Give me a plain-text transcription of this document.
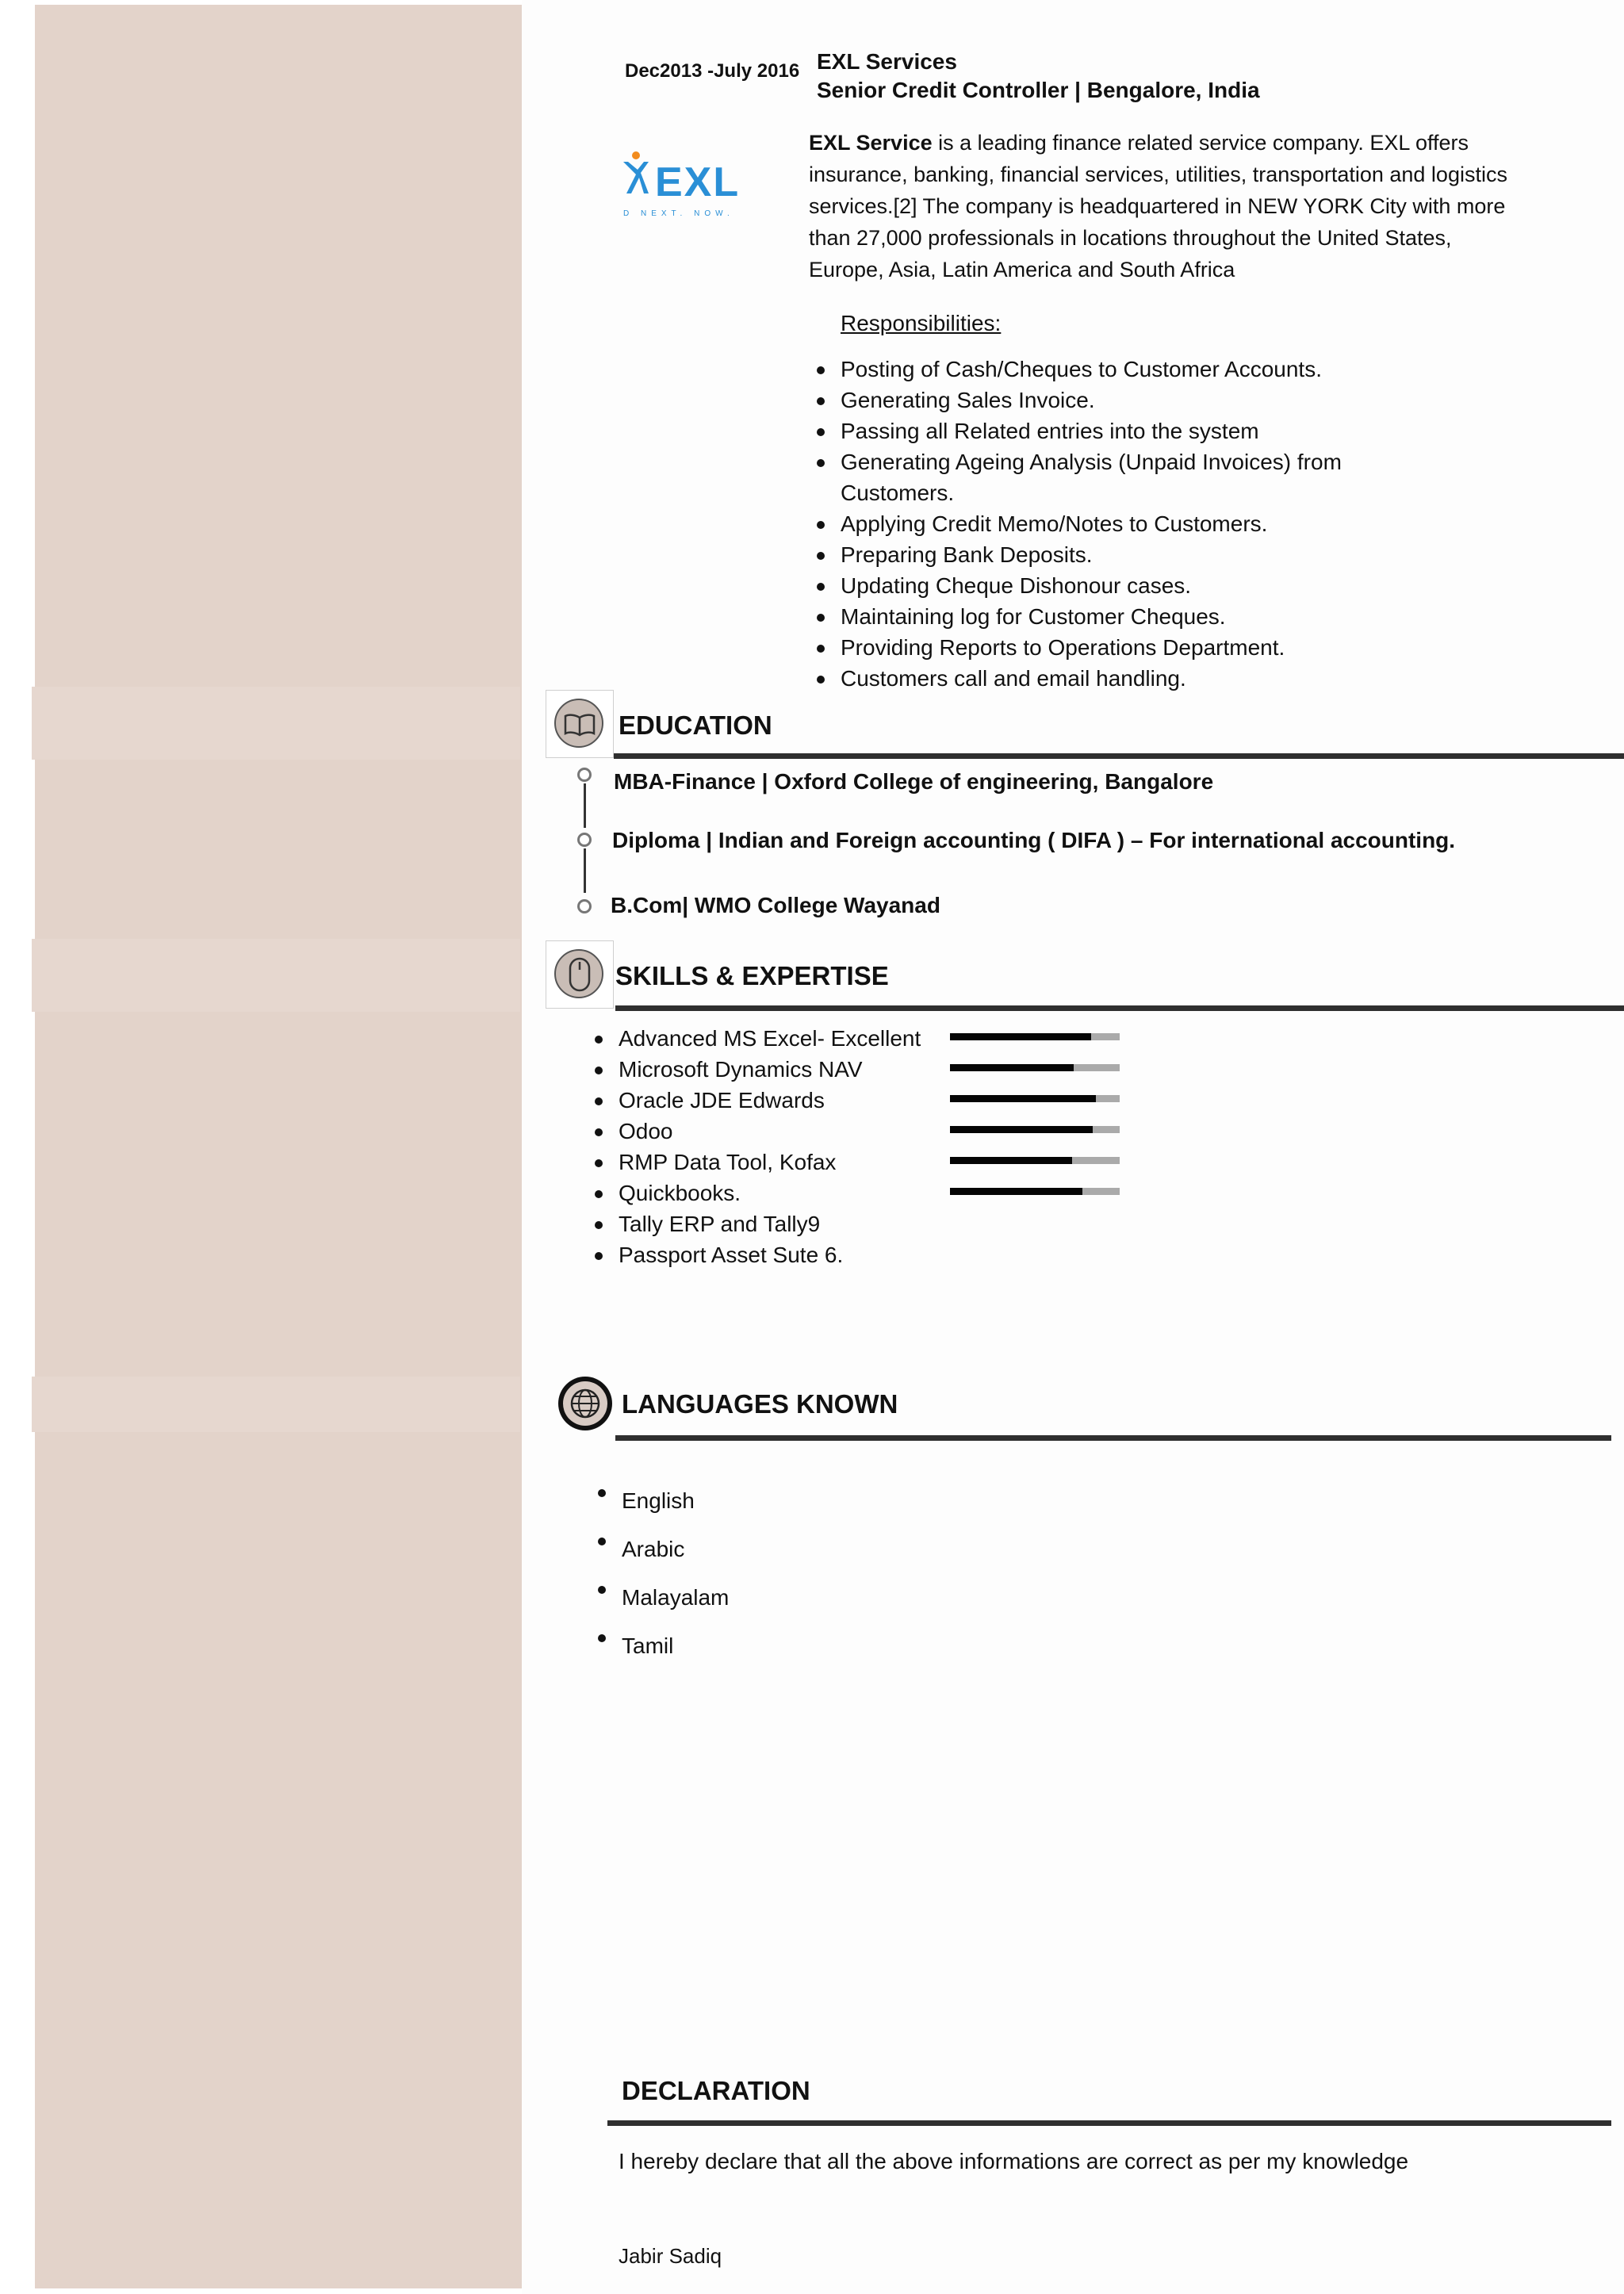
Dec2013 -July 2016 EXL Services
Senior Credit Controller | Bengalore, India
EXL
D NEXT. NOW.
EXL Service is a leading finance related service company. EXL offers insurance, banking, financial services, utilities, transportation and logistics services.[2] The company is headquartered in NEW YORK City with more than 27,000 professionals in locations throughout the United States, Europe, Asia, Latin America and South Africa
Responsibilities:
Posting of Cash/Cheques to Customer Accounts.
Generating Sales Invoice.
Passing all Related entries into the system
Generating Ageing Analysis (Unpaid Invoices) from Customers.
Applying Credit Memo/Notes to Customers.
Preparing Bank Deposits.
Updating Cheque Dishonour cases.
Maintaining log for Customer Cheques.
Providing Reports to Operations Department.
Customers call and email handling.
EDUCATION
MBA-Finance | Oxford College of engineering, Bangalore
Diploma | Indian and Foreign accounting ( DIFA ) – For international accounting.
B.Com| WMO College Wayanad
SKILLS & EXPERTISE
Advanced MS Excel- Excellent
Microsoft Dynamics NAV
Oracle JDE Edwards
Odoo
RMP Data Tool, Kofax
Quickbooks.
Tally ERP and Tally9
Passport Asset Sute 6.
LANGUAGES KNOWN
English
Arabic
Malayalam
Tamil
DECLARATION
I hereby declare that all the above informations are correct as per my knowledge
Jabir Sadiq
